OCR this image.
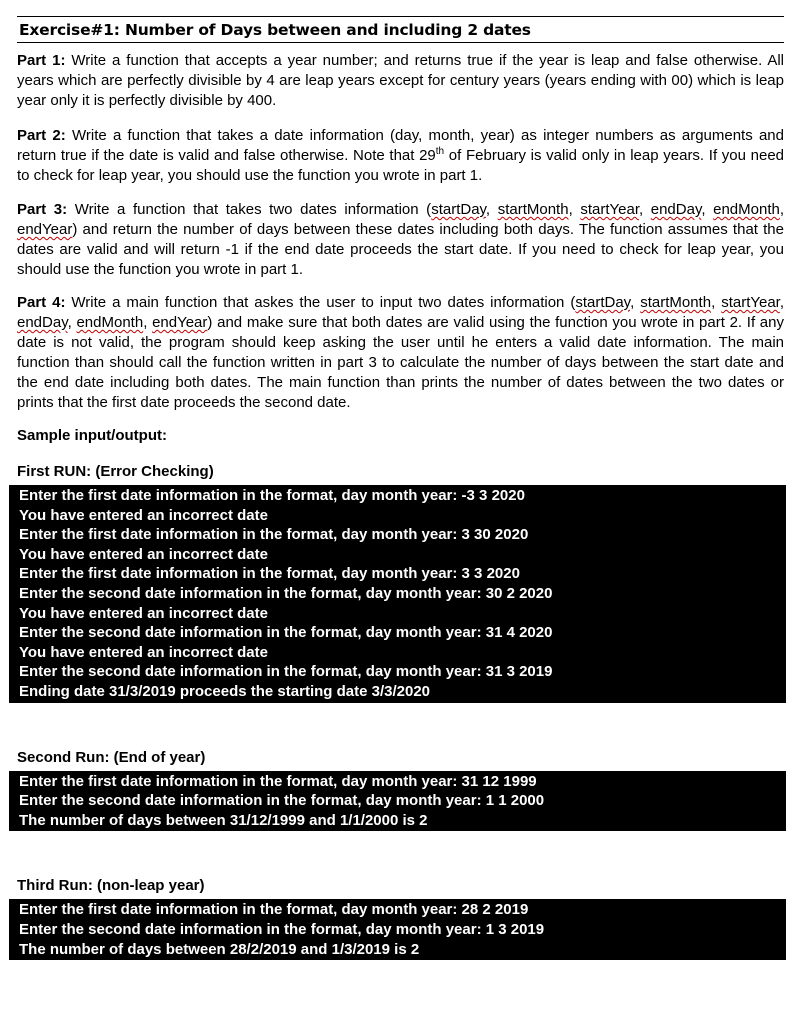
Exercise#1: Number of Days between and including 2 dates

Part 1: Write a function that accepts a year number; and returns true if the year is leap and false otherwise. All years which are perfectly divisible by 4 are leap years except for century years (years ending with 00) which is leap year only it is perfectly divisible by 400.

Part 2: Write a function that takes a date information (day, month, year) as integer numbers as arguments and return true if the date is valid and false otherwise. Note that 29th of February is valid only in leap years. If you need to check for leap year, you should use the function you wrote in part 1.

Part 3: Write a function that takes two dates information (startDay, startMonth, startYear, endDay, endMonth, endYear) and return the number of days between these dates including both days. The function assumes that the dates are valid and will return -1 if the end date proceeds the start date. If you need to check for leap year, you should use the function you wrote in part 1.

Part 4: Write a main function that askes the user to input two dates information (startDay, startMonth, startYear, endDay, endMonth, endYear) and make sure that both dates are valid using the function you wrote in part 2. If any date is not valid, the program should keep asking the user until he enters a valid date information. The main function than should call the function written in part 3 to calculate the number of days between the start date and the end date including both dates. The main function than prints the number of dates between the two dates or prints that the first date proceeds the second date.

Sample input/output:

First RUN: (Error Checking)

Enter the first date information in the format, day month year: -3 3 2020
You have entered an incorrect date
Enter the first date information in the format, day month year: 3 30 2020
You have entered an incorrect date
Enter the first date information in the format, day month year: 3 3 2020
Enter the second date information in the format, day month year: 30 2 2020
You have entered an incorrect date
Enter the second date information in the format, day month year: 31 4 2020
You have entered an incorrect date
Enter the second date information in the format, day month year: 31 3 2019
Ending date 31/3/2019 proceeds the starting date 3/3/2020

Second Run: (End of year)

Enter the first date information in the format, day month year: 31 12 1999
Enter the second date information in the format, day month year: 1 1 2000
The number of days between 31/12/1999 and 1/1/2000 is 2

Third Run: (non-leap year)

Enter the first date information in the format, day month year: 28 2 2019
Enter the second date information in the format, day month year: 1 3 2019
The number of days between 28/2/2019 and 1/3/2019 is 2
